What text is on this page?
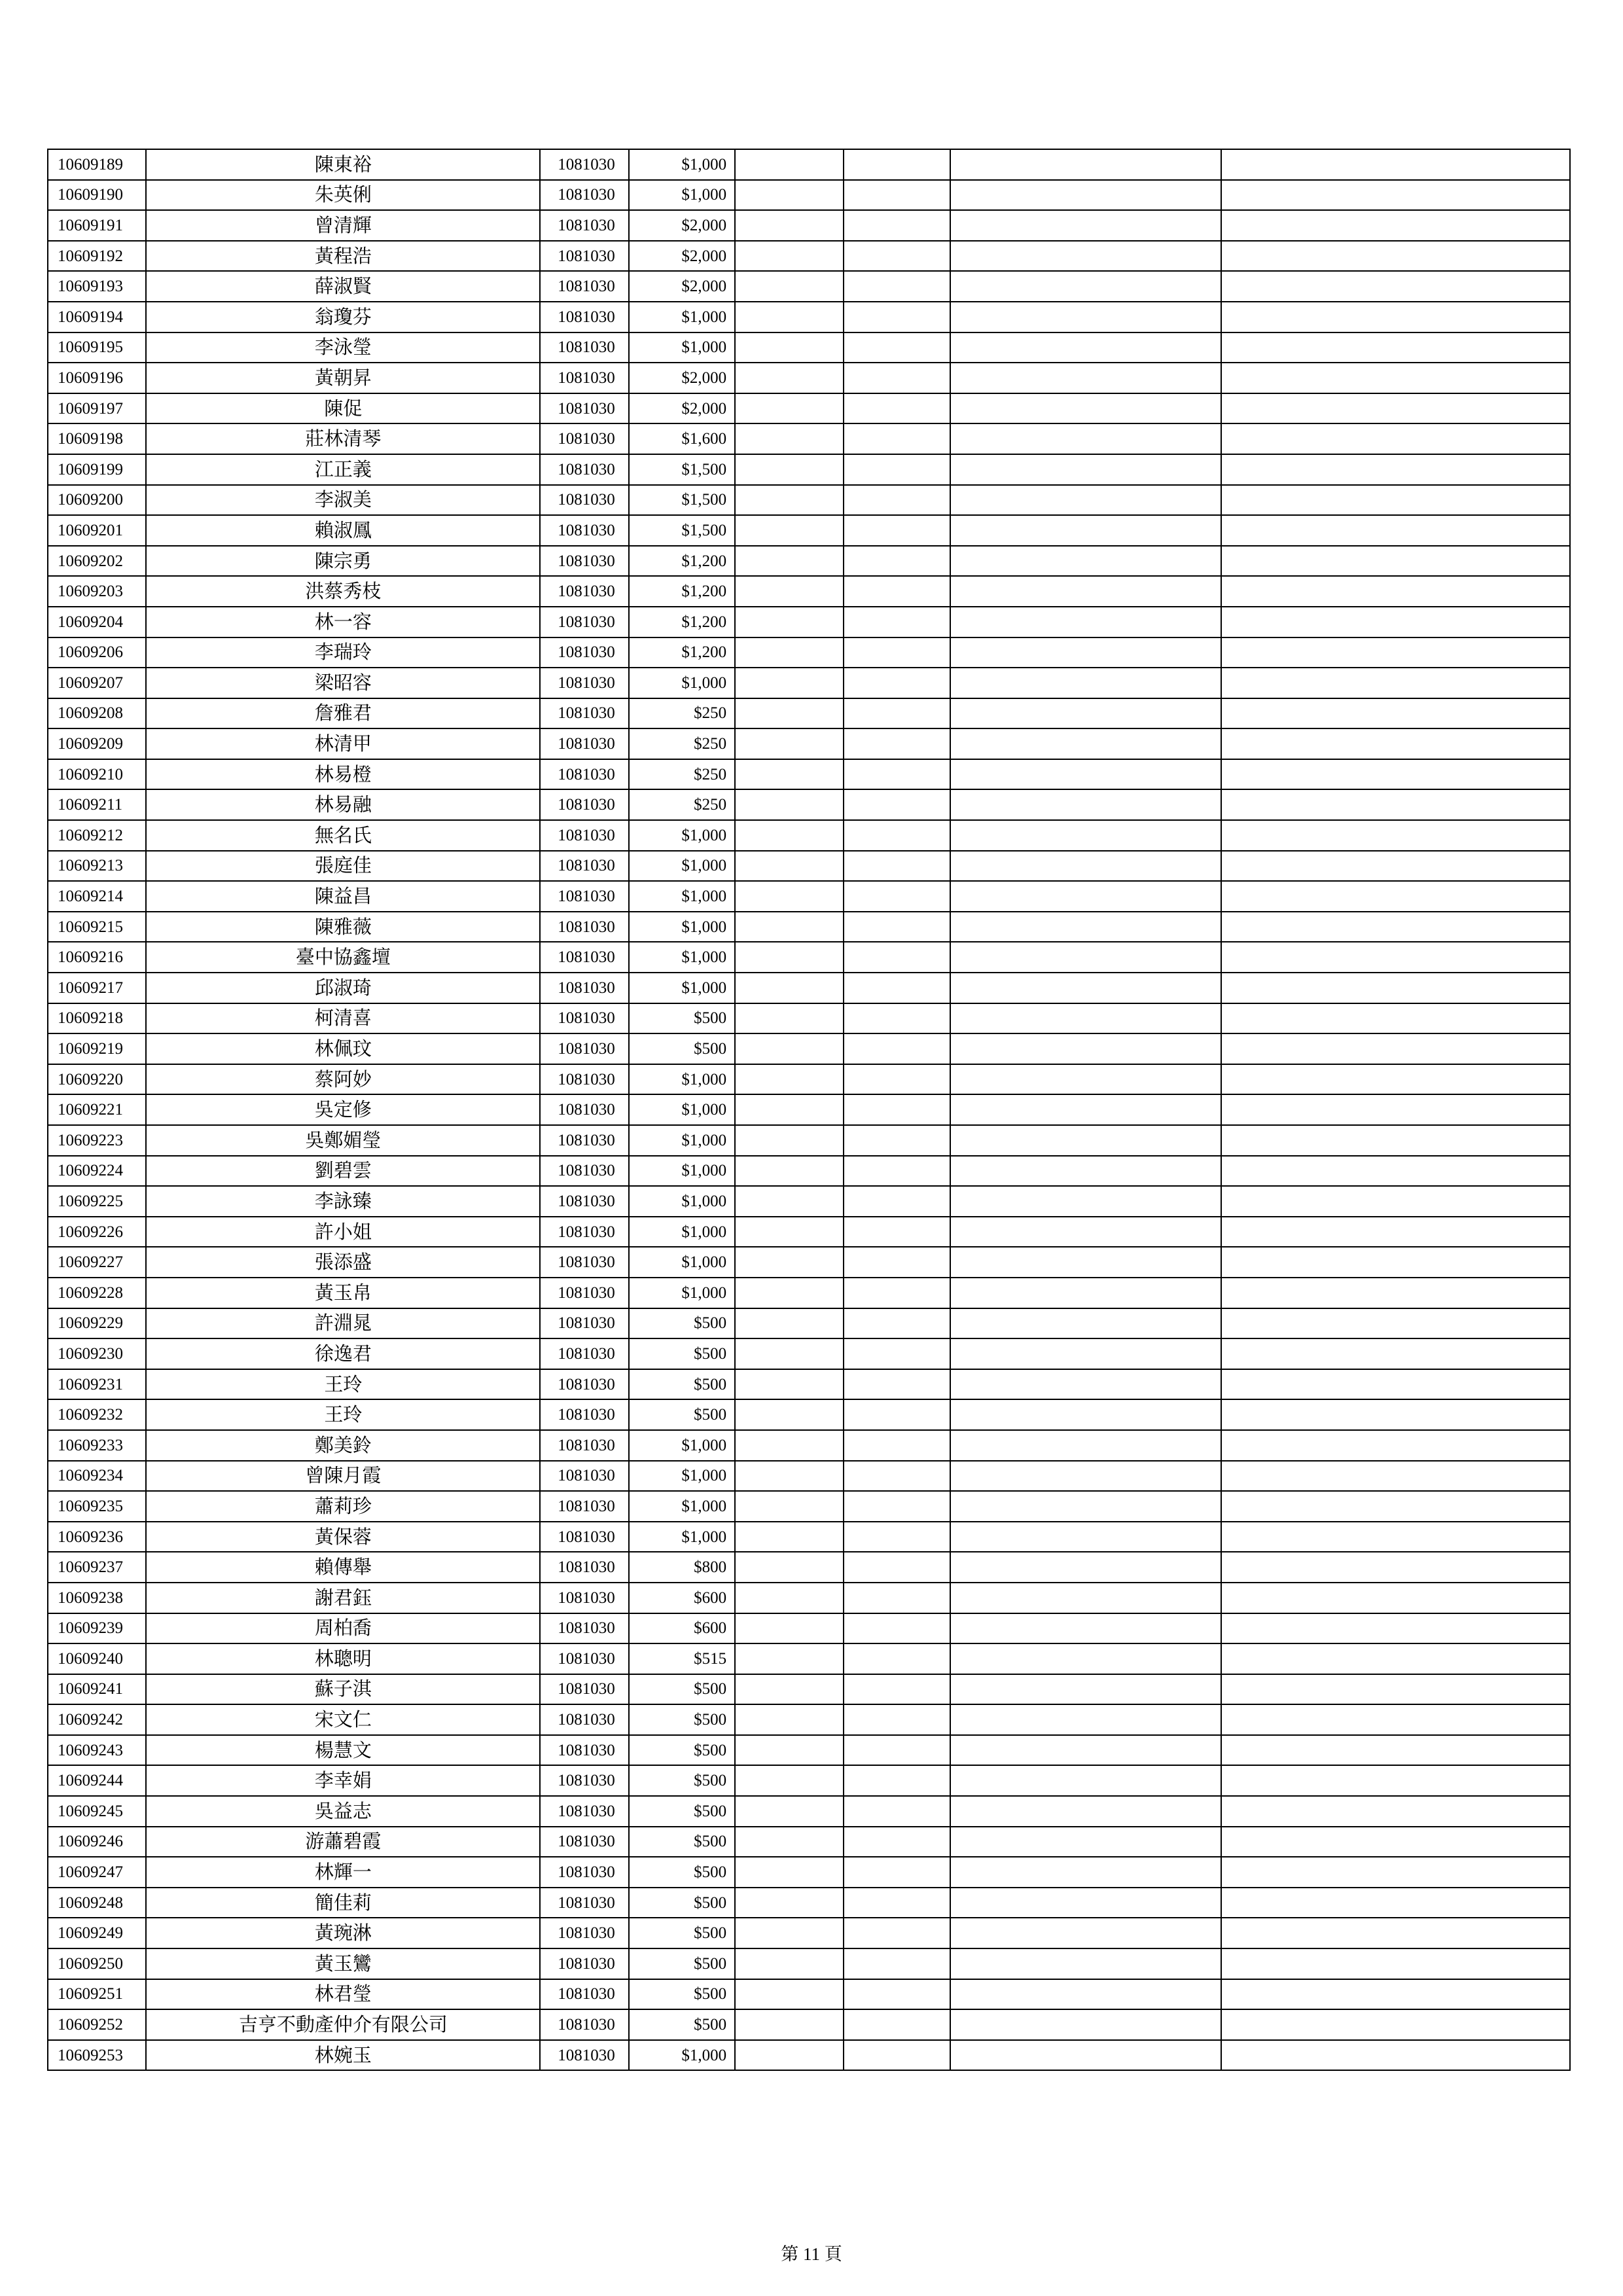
10609189	陳東裕	1081030	$1,000				
10609190	朱英俐	1081030	$1,000				
10609191	曾清輝	1081030	$2,000				
10609192	黃程浩	1081030	$2,000				
10609193	薛淑賢	1081030	$2,000				
10609194	翁瓊芬	1081030	$1,000				
10609195	李泳瑩	1081030	$1,000				
10609196	黃朝昇	1081030	$2,000				
10609197	陳促	1081030	$2,000				
10609198	莊林清琴	1081030	$1,600				
10609199	江正義	1081030	$1,500				
10609200	李淑美	1081030	$1,500				
10609201	賴淑鳳	1081030	$1,500				
10609202	陳宗勇	1081030	$1,200				
10609203	洪蔡秀枝	1081030	$1,200				
10609204	林一容	1081030	$1,200				
10609206	李瑞玲	1081030	$1,200				
10609207	梁昭容	1081030	$1,000				
10609208	詹雅君	1081030	$250				
10609209	林清甲	1081030	$250				
10609210	林易橙	1081030	$250				
10609211	林易融	1081030	$250				
10609212	無名氏	1081030	$1,000				
10609213	張庭佳	1081030	$1,000				
10609214	陳益昌	1081030	$1,000				
10609215	陳雅薇	1081030	$1,000				
10609216	臺中協鑫壇	1081030	$1,000				
10609217	邱淑琦	1081030	$1,000				
10609218	柯清喜	1081030	$500				
10609219	林佩玟	1081030	$500				
10609220	蔡阿妙	1081030	$1,000				
10609221	吳定修	1081030	$1,000				
10609223	吳鄭媚瑩	1081030	$1,000				
10609224	劉碧雲	1081030	$1,000				
10609225	李詠臻	1081030	$1,000				
10609226	許小姐	1081030	$1,000				
10609227	張添盛	1081030	$1,000				
10609228	黃玉帛	1081030	$1,000				
10609229	許淵晁	1081030	$500				
10609230	徐逸君	1081030	$500				
10609231	王玲	1081030	$500				
10609232	王玲	1081030	$500				
10609233	鄭美鈴	1081030	$1,000				
10609234	曾陳月霞	1081030	$1,000				
10609235	蕭莉珍	1081030	$1,000				
10609236	黃保蓉	1081030	$1,000				
10609237	賴傳舉	1081030	$800				
10609238	謝君鈺	1081030	$600				
10609239	周柏喬	1081030	$600				
10609240	林聰明	1081030	$515				
10609241	蘇子淇	1081030	$500				
10609242	宋文仁	1081030	$500				
10609243	楊慧文	1081030	$500				
10609244	李幸娟	1081030	$500				
10609245	吳益志	1081030	$500				
10609246	游蕭碧霞	1081030	$500				
10609247	林輝一	1081030	$500				
10609248	簡佳莉	1081030	$500				
10609249	黃琬淋	1081030	$500				
10609250	黃玉鸞	1081030	$500				
10609251	林君瑩	1081030	$500				
10609252	吉亨不動產仲介有限公司	1081030	$500				
10609253	林婉玉	1081030	$1,000				
第 11 頁
